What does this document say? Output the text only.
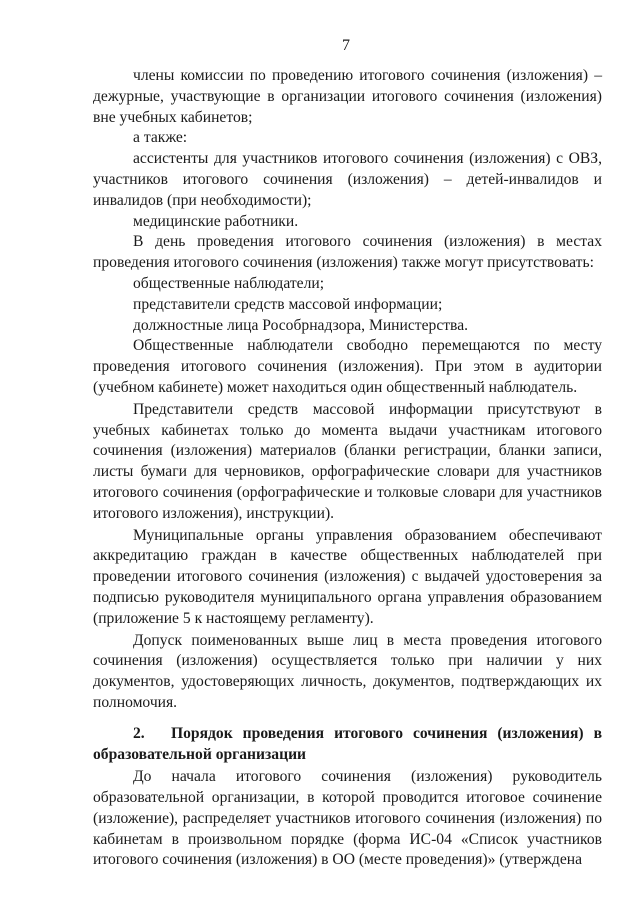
7

члены комиссии по проведению итогового сочинения (изложения) – дежурные, участвующие в организации итогового сочинения (изложения) вне учебных кабинетов;

а также:

ассистенты для участников итогового сочинения (изложения) с ОВЗ, участников итогового сочинения (изложения) – детей-инвалидов и инвалидов (при необходимости);

медицинские работники.

В день проведения итогового сочинения (изложения) в местах проведения итогового сочинения (изложения) также могут присутствовать:

общественные наблюдатели;

представители средств массовой информации;

должностные лица Рособрнадзора, Министерства.

Общественные наблюдатели свободно перемещаются по месту проведения итогового сочинения (изложения). При этом в аудитории (учебном кабинете) может находиться один общественный наблюдатель.

Представители средств массовой информации присутствуют в учебных кабинетах только до момента выдачи участникам итогового сочинения (изложения) материалов (бланки регистрации, бланки записи, листы бумаги для черновиков, орфографические словари для участников итогового сочинения (орфографические и толковые словари для участников итогового изложения), инструкции).

Муниципальные органы управления образованием обеспечивают аккредитацию граждан в качестве общественных наблюдателей при проведении итогового сочинения (изложения) с выдачей удостоверения за подписью руководителя муниципального органа управления образованием (приложение 5 к настоящему регламенту).

Допуск поименованных выше лиц в места проведения итогового сочинения (изложения) осуществляется только при наличии у них документов, удостоверяющих личность, документов, подтверждающих их полномочия.

2. Порядок проведения итогового сочинения (изложения) в образовательной организации

До начала итогового сочинения (изложения) руководитель образовательной организации, в которой проводится итоговое сочинение (изложение), распределяет участников итогового сочинения (изложения) по кабинетам в произвольном порядке (форма ИС-04 «Список участников итогового сочинения (изложения) в ОО (месте проведения)» (утверждена
